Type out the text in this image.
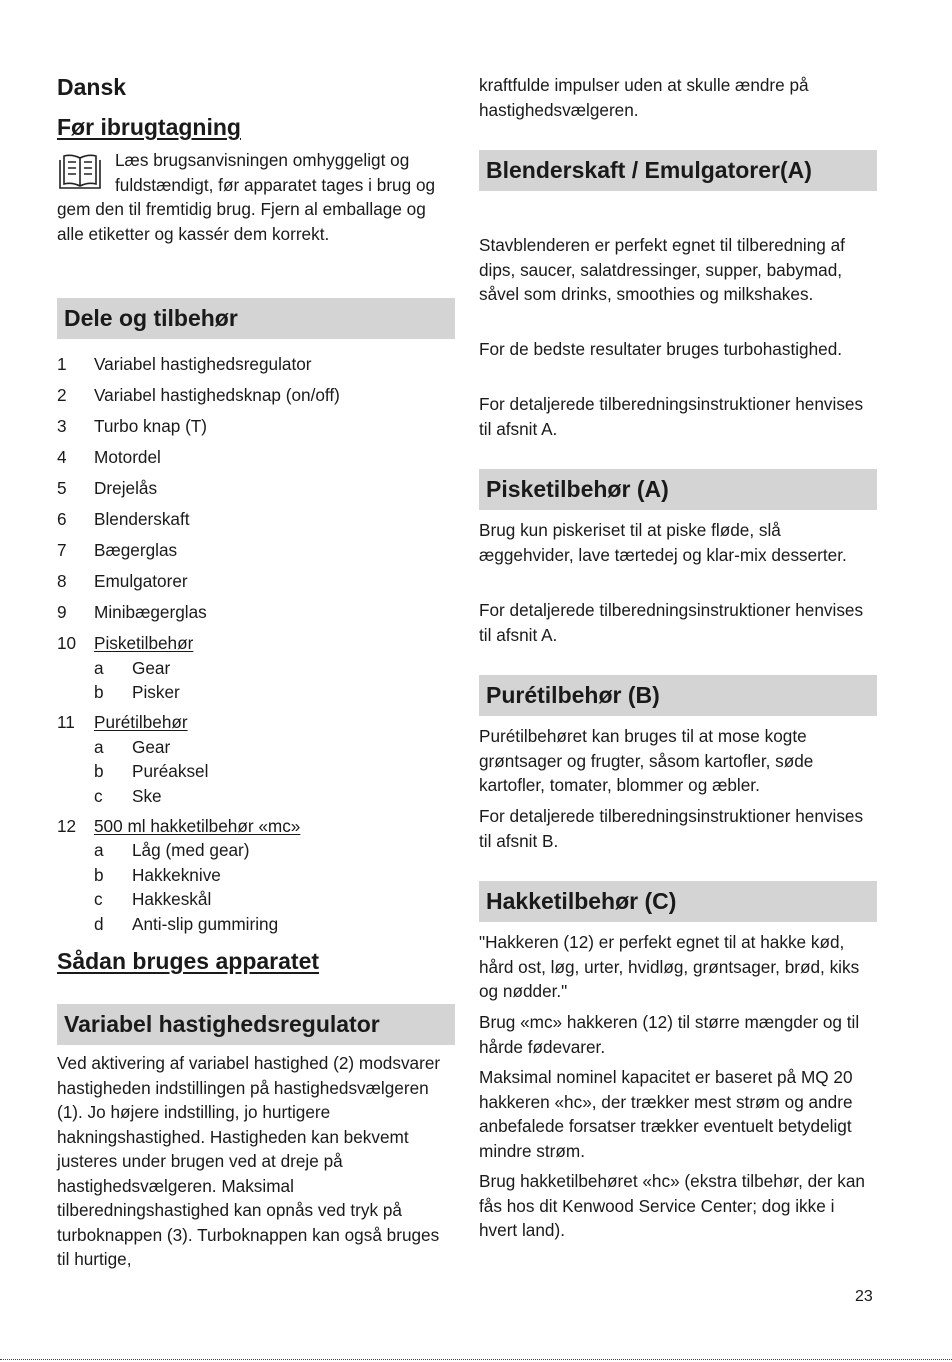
Dansk
Før ibrugtagning
Læs brugsanvisningen omhyggeligt og fuldstændigt, før apparatet tages i brug og gem den til fremtidig brug. Fjern al emballage og alle etiketter og kassér dem korrekt.
Dele og tilbehør
1	Variabel hastighedsregulator
2	Variabel hastighedsknap (on/off)
3	Turbo knap (T)
4	Motordel
5	Drejelås
6	Blenderskaft
7	Bægerglas
8	Emulgatorer
9	Minibægerglas
10	Pisketilbehør
a	Gear
b	Pisker
11	Purétilbehør
a	Gear
b	Puréaksel
c	Ske
12	500 ml hakketilbehør «mc»
a	Låg (med gear)
b	Hakkeknive
c	Hakkeskål
d	Anti-slip gummiring
Sådan bruges apparatet
Variabel hastighedsregulator
Ved aktivering af variabel hastighed (2) modsvarer hastigheden indstillingen på hastighedsvælgeren (1). Jo højere indstilling, jo hurtigere hakningshastighed. Hastigheden kan bekvemt justeres under brugen ved at dreje på hastighedsvælgeren. Maksimal tilberedningshastighed kan opnås ved tryk på turboknappen (3). Turboknappen kan også bruges til hurtige,
kraftfulde impulser uden at skulle ændre på hastighedsvælgeren.
Blenderskaft / Emulgatorer(A)
Stavblenderen er perfekt egnet til tilberedning af dips, saucer, salatdressinger, supper, babymad, såvel som drinks, smoothies og milkshakes.
For de bedste resultater bruges turbohastighed.
For detaljerede tilberedningsinstruktioner henvises til afsnit A.
Pisketilbehør (A)
Brug kun piskeriset til at piske fløde, slå æggehvider, lave tærtedej og klar-mix desserter.
For detaljerede tilberedningsinstruktioner henvises til afsnit A.
Purétilbehør (B)
Purétilbehøret kan bruges til at mose kogte grøntsager og frugter, såsom kartofler, søde kartofler, tomater, blommer og æbler.
For detaljerede tilberedningsinstruktioner henvises til afsnit B.
Hakketilbehør (C)
"Hakkeren (12) er perfekt egnet til at hakke kød, hård ost, løg, urter, hvidløg, grøntsager, brød, kiks og nødder."
Brug «mc» hakkeren (12) til større mængder og til hårde fødevarer.
Maksimal nominel kapacitet er baseret på MQ 20 hakkeren «hc», der trækker mest strøm og andre anbefalede forsatser trækker eventuelt betydeligt mindre strøm.
Brug hakketilbehøret «hc» (ekstra tilbehør, der kan fås hos dit Kenwood Service Center; dog ikke i hvert land).
23
